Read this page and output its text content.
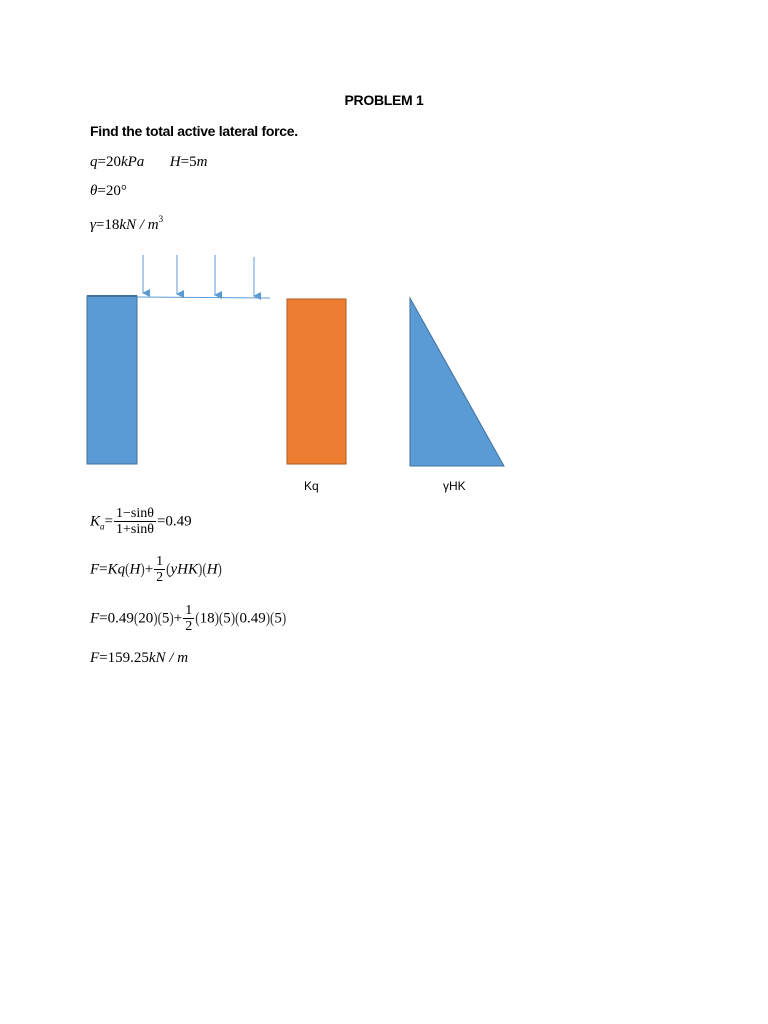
PROBLEM 1
Find the total active lateral force.
q=20kPa H=5m
θ=20°
$\gamma=18kN / m^3$
Kq	γHK
$K_a= \frac{1-\sin\theta}{1+\sin\theta} =0.49$
$F=Kq(H)+ \frac{1}{2} (yHK)(H)$
$F=0.49(20)(5)+ \frac{1}{2} (18)(5)(0.49)(5)$
F=159.25kN / m
